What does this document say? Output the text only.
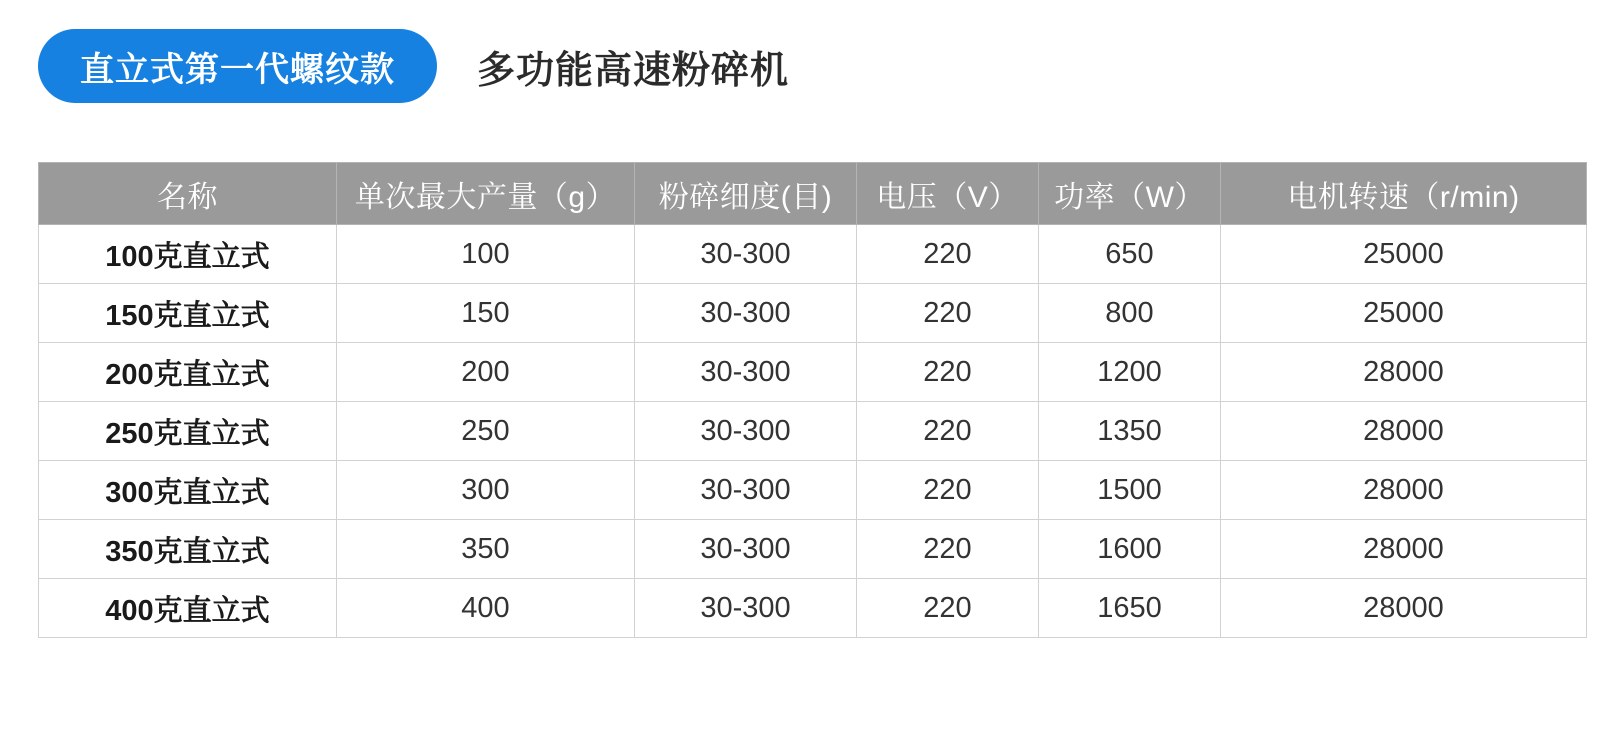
直立式第一代螺纹款	多功能高速粉碎机
名称	单次最大产量（g）	粉碎细度(目)	电压（V）	功率（W）	电机转速（r/min)
100克直立式	100	30-300	220	650	25000
150克直立式	150	30-300	220	800	25000
200克直立式	200	30-300	220	1200	28000
250克直立式	250	30-300	220	1350	28000
300克直立式	300	30-300	220	1500	28000
350克直立式	350	30-300	220	1600	28000
400克直立式	400	30-300	220	1650	28000
